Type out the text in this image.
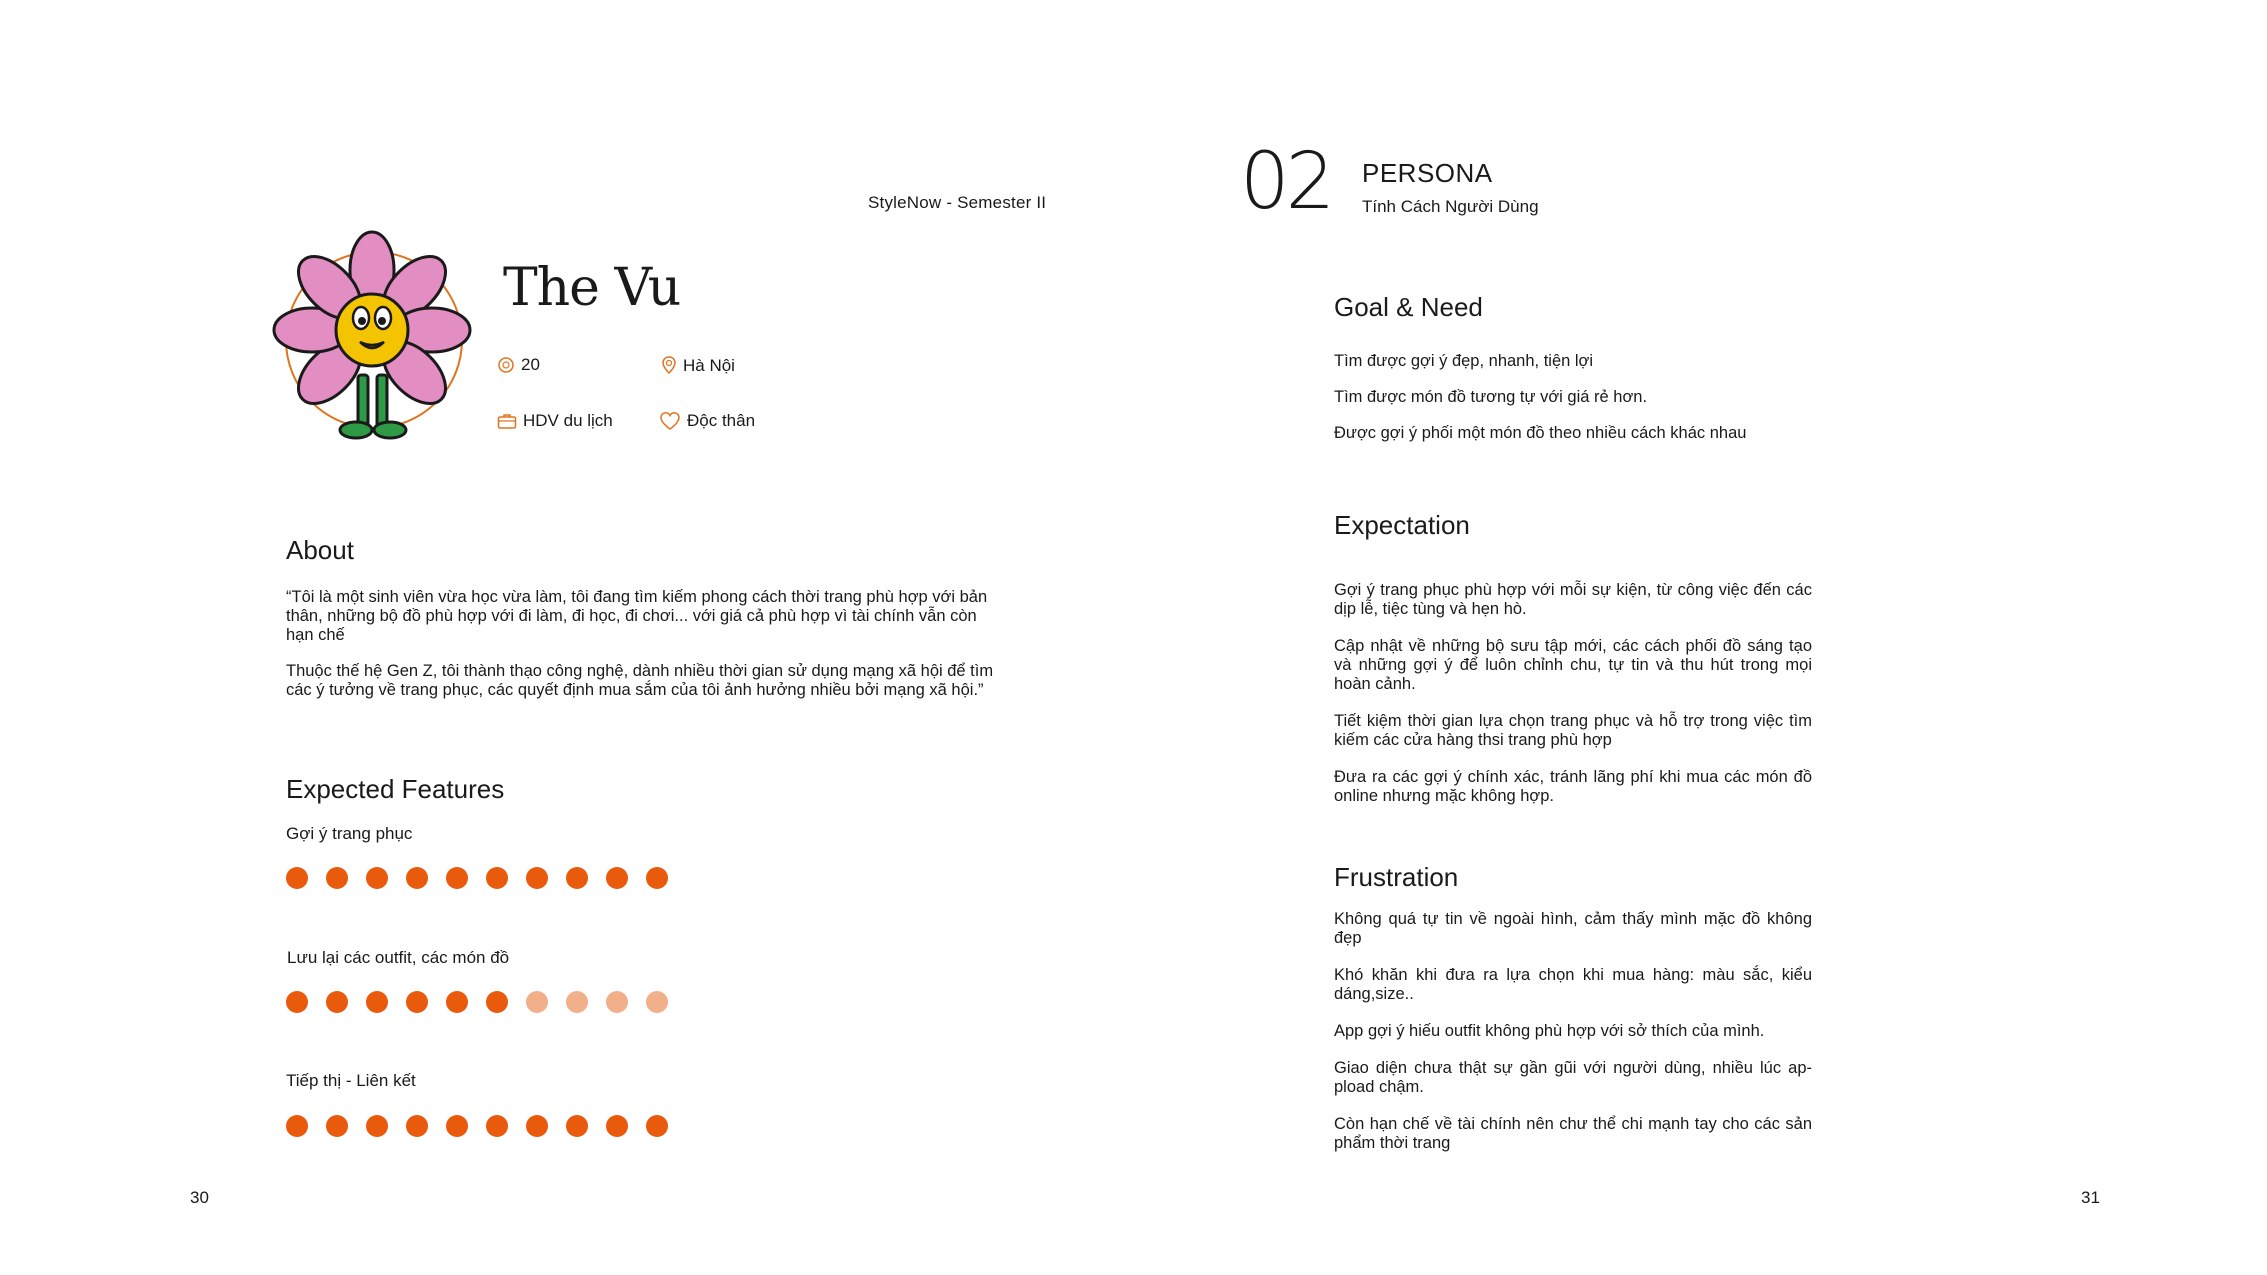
StyleNow - Semester II 02 PERSONA
Tính Cách Người Dùng
The Vu
20	Hà Nội
HDV du lịch	Độc thân
About
“Tôi là một sinh viên vừa học vừa làm, tôi đang tìm kiếm phong cách thời trang phù hợp với bản thân, những bộ đồ phù hợp với đi làm, đi học, đi chơi... với giá cả phù hợp vì tài chính vẫn còn hạn chế
Thuộc thế hệ Gen Z, tôi thành thạo công nghệ, dành nhiều thời gian sử dụng mạng xã hội để tìm các ý tưởng về trang phục, các quyết định mua sắm của tôi ảnh hưởng nhiều bởi mạng xã hội.”
Expected Features
Gợi ý trang phục
Lưu lại các outfit, các món đồ
Tiếp thị - Liên kết
Goal & Need

Tìm được gợi ý đẹp, nhanh, tiện lợi

Tìm được món đồ tương tự với giá rẻ hơn.

Được gợi ý phối một món đồ theo nhiều cách khác nhau

Expectation

Gợi ý trang phục phù hợp với mỗi sự kiện, từ công việc đến các dịp lễ, tiệc tùng và hẹn hò.

Cập nhật về những bộ sưu tập mới, các cách phối đồ sáng tạo và những gợi ý để luôn chỉnh chu, tự tin và thu hút trong mọi hoàn cảnh.

Tiết kiệm thời gian lựa chọn trang phục và hỗ trợ trong việc tìm kiếm các cửa hàng thsi trang phù hợp

Đưa ra các gợi ý chính xác, tránh lãng phí khi mua các món đồ online nhưng mặc không hợp.

Frustration

Không quá tự tin về ngoài hình, cảm thấy mình mặc đồ không đẹp

Khó khăn khi đưa ra lựa chọn khi mua hàng: màu sắc, kiểu dáng,size..

App gợi ý hiếu outfit không phù hợp với sở thích của mình.

Giao diện chưa thật sự gần gũi với người dùng, nhiều lúc ap-pload chậm.

Còn hạn chế về tài chính nên chư thể chi mạnh tay cho các sản phẩm thời trang

30	31
